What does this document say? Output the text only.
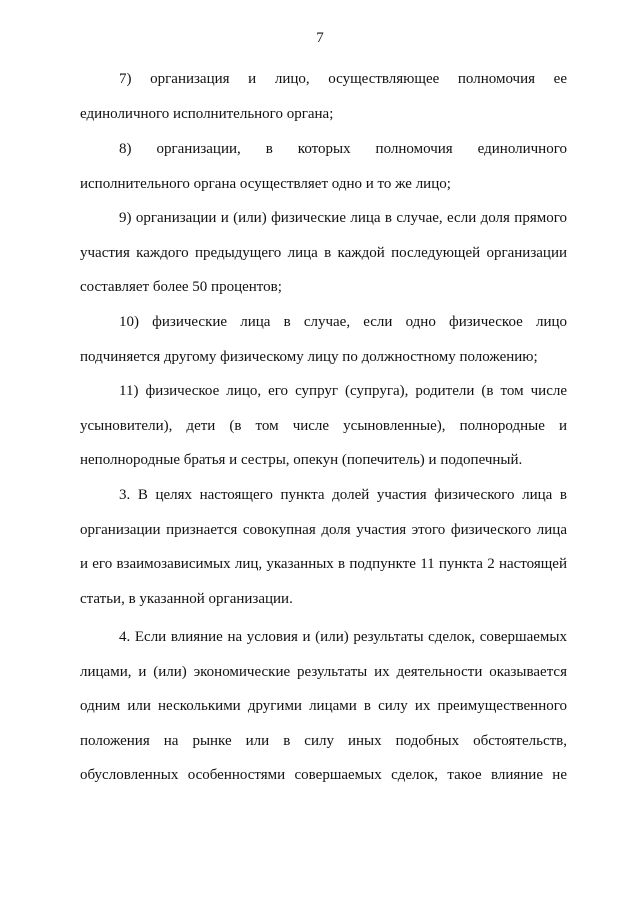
7
7) организация и лицо, осуществляющее полномочия ее
единоличного исполнительного органа;
8) организации, в которых полномочия единоличного
исполнительного органа осуществляет одно и то же лицо;
9) организации и (или) физические лица в случае, если доля прямого
участия каждого предыдущего лица в каждой последующей организации
составляет более 50 процентов;
10) физические лица в случае, если одно физическое лицо
подчиняется другому физическому лицу по должностному положению;
11) физическое лицо, его супруг (супруга), родители (в том числе
усыновители), дети (в том числе усыновленные), полнородные и
неполнородные братья и сестры, опекун (попечитель) и подопечный.
3. В целях настоящего пункта долей участия физического лица в
организации признается совокупная доля участия этого физического лица
и его взаимозависимых лиц, указанных в подпункте 11 пункта 2 настоящей
статьи, в указанной организации.
4. Если влияние на условия и (или) результаты сделок, совершаемых
лицами, и (или) экономические результаты их деятельности оказывается
одним или несколькими другими лицами в силу их преимущественного
положения на рынке или в силу иных подобных обстоятельств,
обусловленных особенностями совершаемых сделок, такое влияние не
